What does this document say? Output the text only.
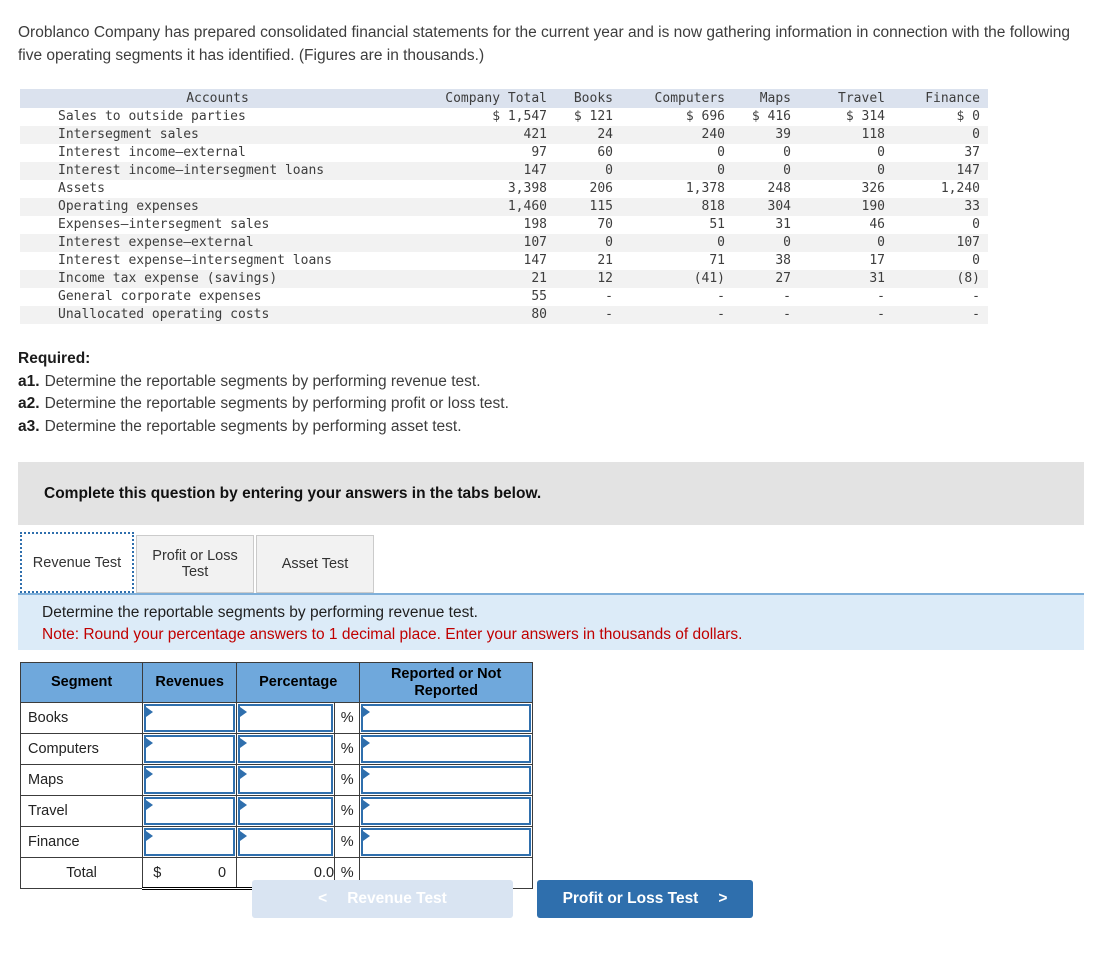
Oroblanco Company has prepared consolidated financial statements for the current year and is now gathering information in connection with the following five operating segments it has identified. (Figures are in thousands.)

Accounts	Company Total	Books	Computers	Maps	Travel	Finance
Sales to outside parties	$ 1,547	$ 121	$ 696	$ 416	$ 314	$ 0
Intersegment sales	421	24	240	39	118	0
Interest income—external	97	60	0	0	0	37
Interest income—intersegment loans	147	0	0	0	0	147
Assets	3,398	206	1,378	248	326	1,240
Operating expenses	1,460	115	818	304	190	33
Expenses—intersegment sales	198	70	51	31	46	0
Interest expense—external	107	0	0	0	0	107
Interest expense—intersegment loans	147	21	71	38	17	0
Income tax expense (savings)	21	12	(41)	27	31	(8)
General corporate expenses	55	-	-	-	-	-
Unallocated operating costs	80	-	-	-	-	-
Required:
a1. Determine the reportable segments by performing revenue test.
a2. Determine the reportable segments by performing profit or loss test.
a3. Determine the reportable segments by performing asset test.
Complete this question by entering your answers in the tabs below.
Revenue Test	Profit or Loss Test	Asset Test
Determine the reportable segments by performing revenue test.
Note: Round your percentage answers to 1 decimal place. Enter your answers in thousands of dollars.
Segment	Revenues	Percentage		Reported or Not Reported
Books			%	

Computers			%	

Maps			%	

Travel			%	

Finance			%	

Total	$ 0	0.0	%	
< Revenue Test	Profit or Loss Test >
